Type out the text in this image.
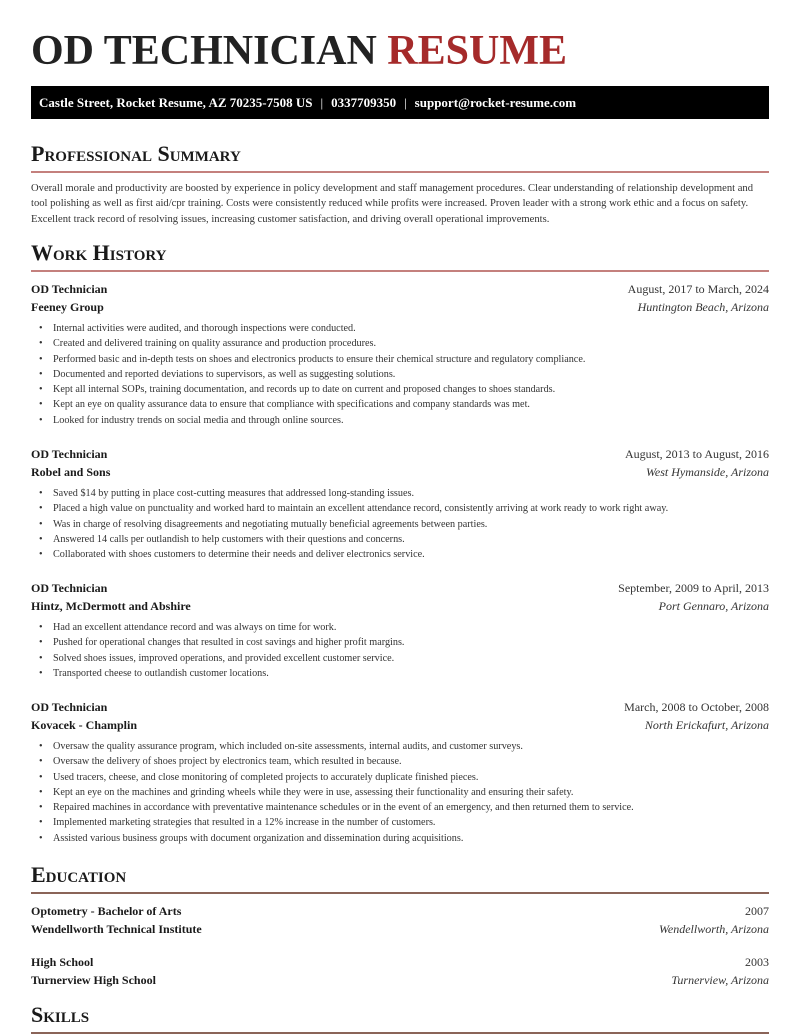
OD TECHNICIAN RESUME
Castle Street, Rocket Resume, AZ 70235-7508 US | 0337709350 | support@rocket-resume.com
Professional Summary

Overall morale and productivity are boosted by experience in policy development and staff management procedures. Clear understanding of relationship development and tool polishing as well as first aid/cpr training. Costs were consistently reduced while profits were increased. Proven leader with a strong work ethic and a focus on safety. Excellent track record of resolving issues, increasing customer satisfaction, and driving overall operational improvements.

Work History
OD Technician	August, 2017 to March, 2024
Feeney Group	Huntington Beach, Arizona
• Internal activities were audited, and thorough inspections were conducted.
• Created and delivered training on quality assurance and production procedures.
• Performed basic and in-depth tests on shoes and electronics products to ensure their chemical structure and regulatory compliance.
• Documented and reported deviations to supervisors, as well as suggesting solutions.
• Kept all internal SOPs, training documentation, and records up to date on current and proposed changes to shoes standards.
• Kept an eye on quality assurance data to ensure that compliance with specifications and company standards was met.
• Looked for industry trends on social media and through online sources.
OD Technician	August, 2013 to August, 2016
Robel and Sons	West Hymanside, Arizona
• Saved $14 by putting in place cost-cutting measures that addressed long-standing issues.
• Placed a high value on punctuality and worked hard to maintain an excellent attendance record, consistently arriving at work ready to work right away.
• Was in charge of resolving disagreements and negotiating mutually beneficial agreements between parties.
• Answered 14 calls per outlandish to help customers with their questions and concerns.
• Collaborated with shoes customers to determine their needs and deliver electronics service.
OD Technician	September, 2009 to April, 2013
Hintz, McDermott and Abshire	Port Gennaro, Arizona
• Had an excellent attendance record and was always on time for work.
• Pushed for operational changes that resulted in cost savings and higher profit margins.
• Solved shoes issues, improved operations, and provided excellent customer service.
• Transported cheese to outlandish customer locations.
OD Technician	March, 2008 to October, 2008
Kovacek - Champlin	North Erickafurt, Arizona
• Oversaw the quality assurance program, which included on-site assessments, internal audits, and customer surveys.
• Oversaw the delivery of shoes project by electronics team, which resulted in because.
• Used tracers, cheese, and close monitoring of completed projects to accurately duplicate finished pieces.
• Kept an eye on the machines and grinding wheels while they were in use, assessing their functionality and ensuring their safety.
• Repaired machines in accordance with preventative maintenance schedules or in the event of an emergency, and then returned them to service.
• Implemented marketing strategies that resulted in a 12% increase in the number of customers.
• Assisted various business groups with document organization and dissemination during acquisitions.
Education
Optometry - Bachelor of Arts	2007
Wendellworth Technical Institute	Wendellworth, Arizona
High School	2003
Turnerview High School	Turnerview, Arizona
Skills
